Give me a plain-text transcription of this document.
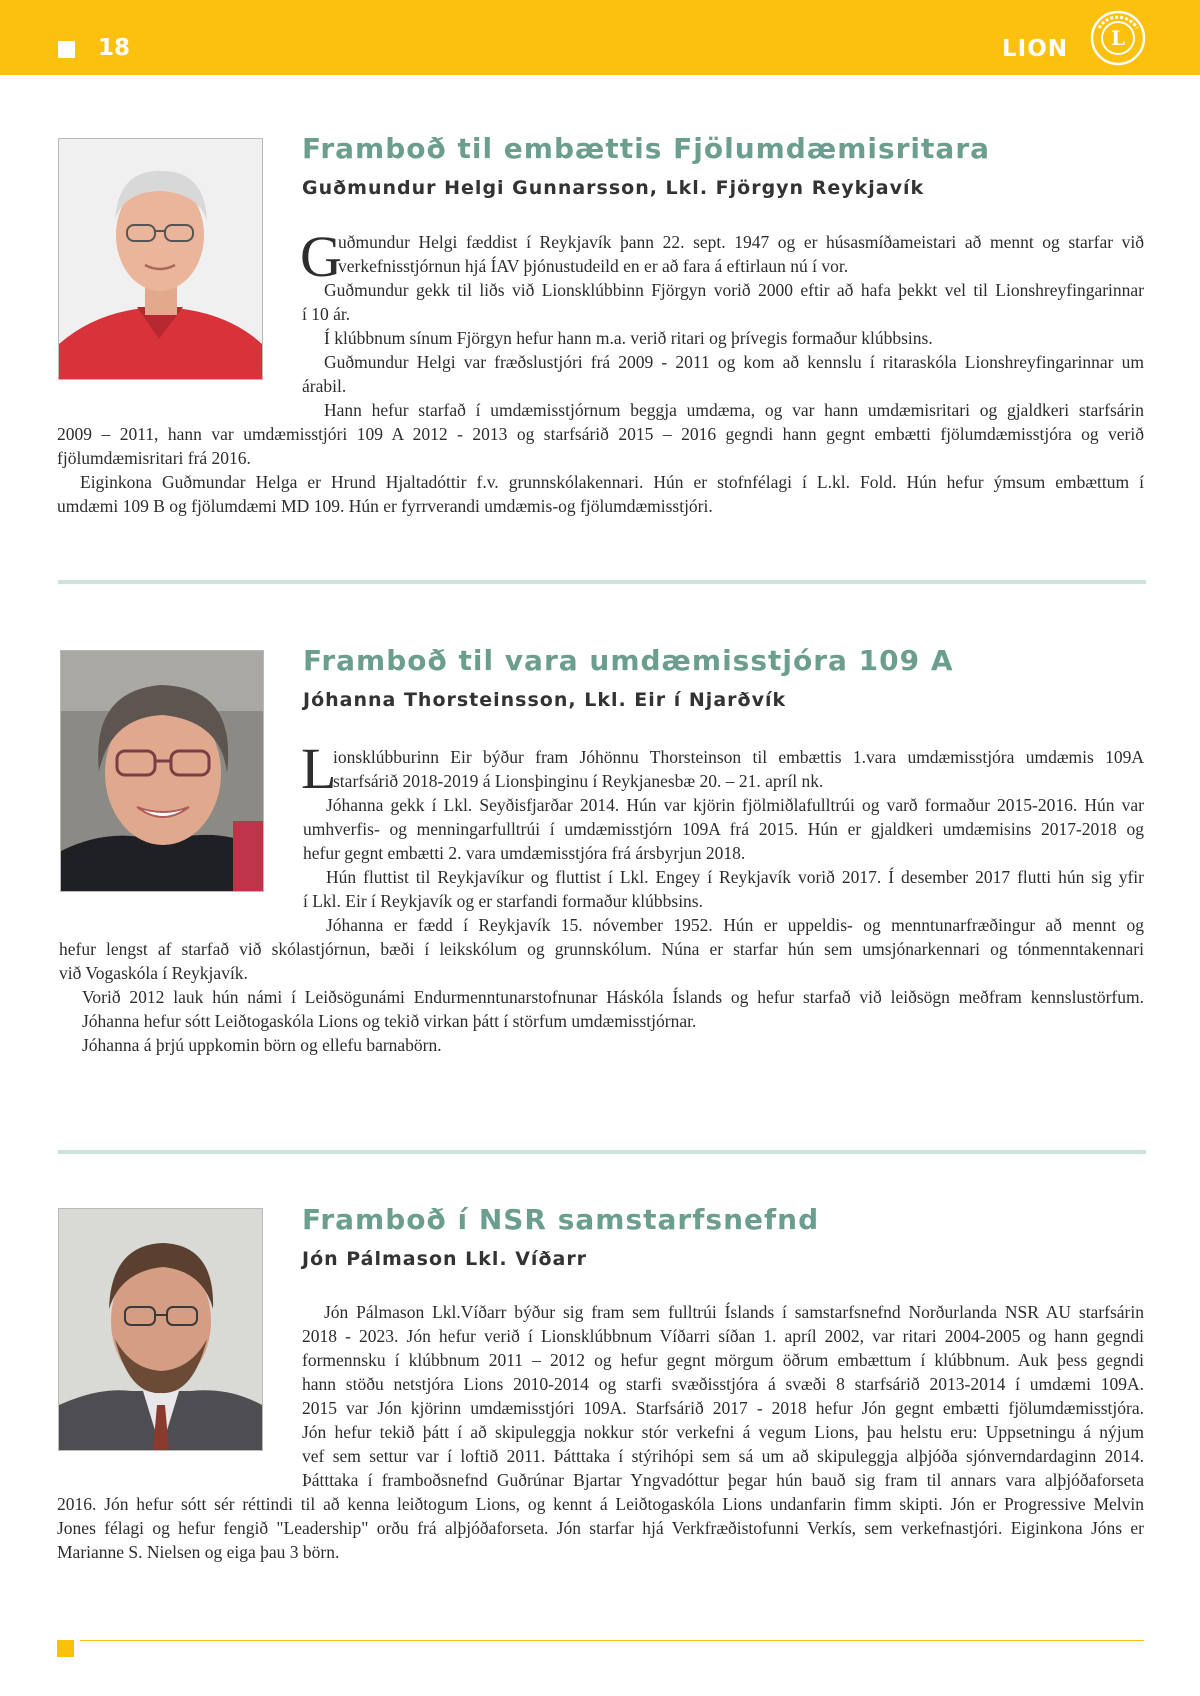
18	LION L
Framboð til embættis Fjölumdæmisritara
Guðmundur Helgi Gunnarsson, Lkl. Fjörgyn Reykjavík
G

uðmundur Helgi fæddist í Reykjavík þann 22. sept. 1947 og er húsasmíðameistari að mennt og starfar við

verkefnisstjórnun hjá ÍAV þjónustudeild en er að fara á eftirlaun nú í vor.

Guðmundur gekk til liðs við Lionsklúbbinn Fjörgyn vorið 2000 eftir að hafa þekkt vel til Lionshreyfingarinnar

í 10 ár.

Í klúbbnum sínum Fjörgyn hefur hann m.a. verið ritari og þrívegis formaður klúbbsins.

Guðmundur Helgi var fræðslustjóri frá 2009 - 2011 og kom að kennslu í ritaraskóla Lionshreyfingarinnar um

árabil.

Hann hefur starfað í umdæmisstjórnum beggja umdæma, og var hann umdæmisritari og gjaldkeri starfsárin

2009 – 2011, hann var umdæmisstjóri 109 A 2012 - 2013 og starfsárið 2015 – 2016 gegndi hann gegnt embætti fjölumdæmisstjóra og verið

fjölumdæmisritari frá 2016.

Eiginkona Guðmundar Helga er Hrund Hjaltadóttir f.v. grunnskólakennari. Hún er stofnfélagi í L.kl. Fold. Hún hefur ýmsum embættum í

umdæmi 109 B og fjölumdæmi MD 109. Hún er fyrrverandi umdæmis-og fjölumdæmisstjóri.

Framboð til vara umdæmisstjóra 109 A
Jóhanna Thorsteinsson, Lkl. Eir í Njarðvík
L

ionsklúbburinn Eir býður fram Jóhönnu Thorsteinson til embættis 1.vara umdæmisstjóra umdæmis 109A

starfsárið 2018-2019 á Lionsþinginu í Reykjanesbæ 20. – 21. apríl nk.

Jóhanna gekk í Lkl. Seyðisfjarðar 2014. Hún var kjörin fjölmiðlafulltrúi og varð formaður 2015-2016. Hún var

umhverfis- og menningarfulltrúi í umdæmisstjórn 109A frá 2015. Hún er gjaldkeri umdæmisins 2017-2018 og

hefur gegnt embætti 2. vara umdæmisstjóra frá ársbyrjun 2018.

Hún fluttist til Reykjavíkur og fluttist í Lkl. Engey í Reykjavík vorið 2017. Í desember 2017 flutti hún sig yfir

í Lkl. Eir í Reykjavík og er starfandi formaður klúbbsins.

Jóhanna er fædd í Reykjavík 15. nóvember 1952. Hún er uppeldis- og menntunarfræðingur að mennt og

hefur lengst af starfað við skólastjórnun, bæði í leikskólum og grunnskólum. Núna er starfar hún sem umsjónarkennari og tónmenntakennari

við Vogaskóla í Reykjavík.

Vorið 2012 lauk hún námi í Leiðsögunámi Endurmenntunarstofnunar Háskóla Íslands og hefur starfað við leiðsögn meðfram kennslustörfum.

Jóhanna hefur sótt Leiðtogaskóla Lions og tekið virkan þátt í störfum umdæmisstjórnar.

Jóhanna á þrjú uppkomin börn og ellefu barnabörn.

Framboð í NSR samstarfsnefnd
Jón Pálmason Lkl. Víðarr

Jón Pálmason Lkl.Víðarr býður sig fram sem fulltrúi Íslands í samstarfsnefnd Norðurlanda NSR AU starfsárin

2018 - 2023. Jón hefur verið í Lionsklúbbnum Víðarri síðan 1. apríl 2002, var ritari 2004-2005 og hann gegndi

formennsku í klúbbnum 2011 – 2012 og hefur gegnt mörgum öðrum embættum í klúbbnum. Auk þess gegndi

hann stöðu netstjóra Lions 2010-2014 og starfi svæðisstjóra á svæði 8 starfsárið 2013-2014 í umdæmi 109A.

2015 var Jón kjörinn umdæmisstjóri 109A. Starfsárið 2017 - 2018 hefur Jón gegnt embætti fjölumdæmisstjóra.

Jón hefur tekið þátt í að skipuleggja nokkur stór verkefni á vegum Lions, þau helstu eru: Uppsetningu á nýjum

vef sem settur var í loftið 2011. Þátttaka í stýrihópi sem sá um að skipuleggja alþjóða sjónverndardaginn 2014.

Þátttaka í framboðsnefnd Guðrúnar Bjartar Yngvadóttur þegar hún bauð sig fram til annars vara alþjóðaforseta

2016. Jón hefur sótt sér réttindi til að kenna leiðtogum Lions, og kennt á Leiðtogaskóla Lions undanfarin fimm skipti. Jón er Progressive Melvin

Jones félagi og hefur fengið "Leadership" orðu frá alþjóðaforseta. Jón starfar hjá Verkfræðistofunni Verkís, sem verkefnastjóri. Eiginkona Jóns er

Marianne S. Nielsen og eiga þau 3 börn.
